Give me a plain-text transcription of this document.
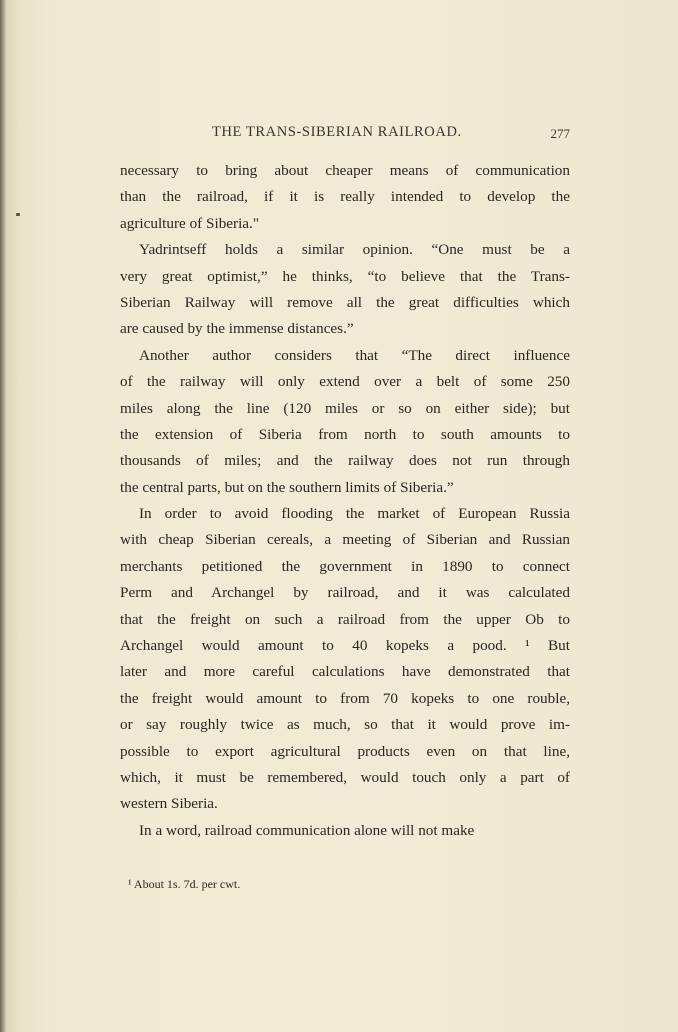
THE TRANS-SIBERIAN RAILROAD.	277
necessary to bring about cheaper means of communication
than the railroad, if it is really intended to develop the
agriculture of Siberia."
Yadrintseff holds a similar opinion. “One must be a
very great optimist,” he thinks, “to believe that the Trans-
Siberian Railway will remove all the great difficulties which
are caused by the immense distances.”
Another author considers that “The direct influence
of the railway will only extend over a belt of some 250
miles along the line (120 miles or so on either side); but
the extension of Siberia from north to south amounts to
thousands of miles; and the railway does not run through
the central parts, but on the southern limits of Siberia.”
In order to avoid flooding the market of European Russia
with cheap Siberian cereals, a meeting of Siberian and Russian
merchants petitioned the government in 1890 to connect
Perm and Archangel by railroad, and it was calculated
that the freight on such a railroad from the upper Ob to
Archangel would amount to 40 kopeks a pood. ¹ But
later and more careful calculations have demonstrated that
the freight would amount to from 70 kopeks to one rouble,
or say roughly twice as much, so that it would prove im-
possible to export agricultural products even on that line,
which, it must be remembered, would touch only a part of
western Siberia.
In a word, railroad communication alone will not make
¹ About 1s. 7d. per cwt.
